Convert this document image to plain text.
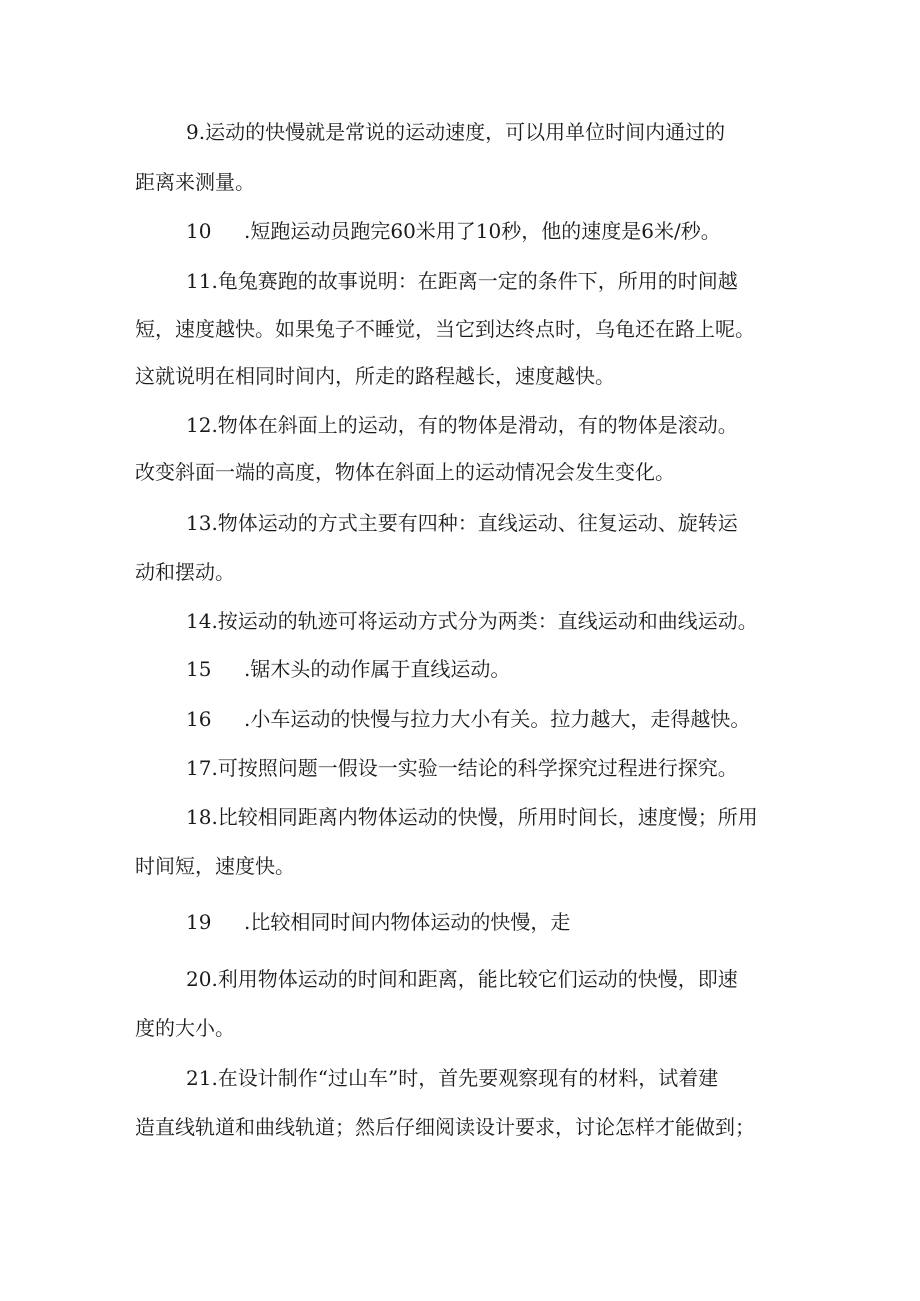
9.运动的快慢就是常说的运动速度，可以用单位时间内通过的
距离来测量。
10 .短跑运动员跑完60米用了10秒，他的速度是6米/秒。
11.龟兔赛跑的故事说明：在距离一定的条件下，所用的时间越
短，速度越快。如果兔子不睡觉，当它到达终点时，乌龟还在路上呢。
这就说明在相同时间内，所走的路程越长，速度越快。
12.物体在斜面上的运动，有的物体是滑动，有的物体是滚动。
改变斜面一端的高度，物体在斜面上的运动情况会发生变化。
13.物体运动的方式主要有四种：直线运动、往复运动、旋转运
动和摆动。
14.按运动的轨迹可将运动方式分为两类：直线运动和曲线运动。
15 .锯木头的动作属于直线运动。
16 .小车运动的快慢与拉力大小有关。拉力越大，走得越快。
17.可按照问题一假设一实验一结论的科学探究过程进行探究。
18.比较相同距离内物体运动的快慢，所用时间长，速度慢；所用
时间短，速度快。
19 .比较相同时间内物体运动的快慢，走
20.利用物体运动的时间和距离，能比较它们运动的快慢，即速
度的大小。
21.在设计制作“过山车”时，首先要观察现有的材料，试着建
造直线轨道和曲线轨道；然后仔细阅读设计要求，讨论怎样才能做到；
